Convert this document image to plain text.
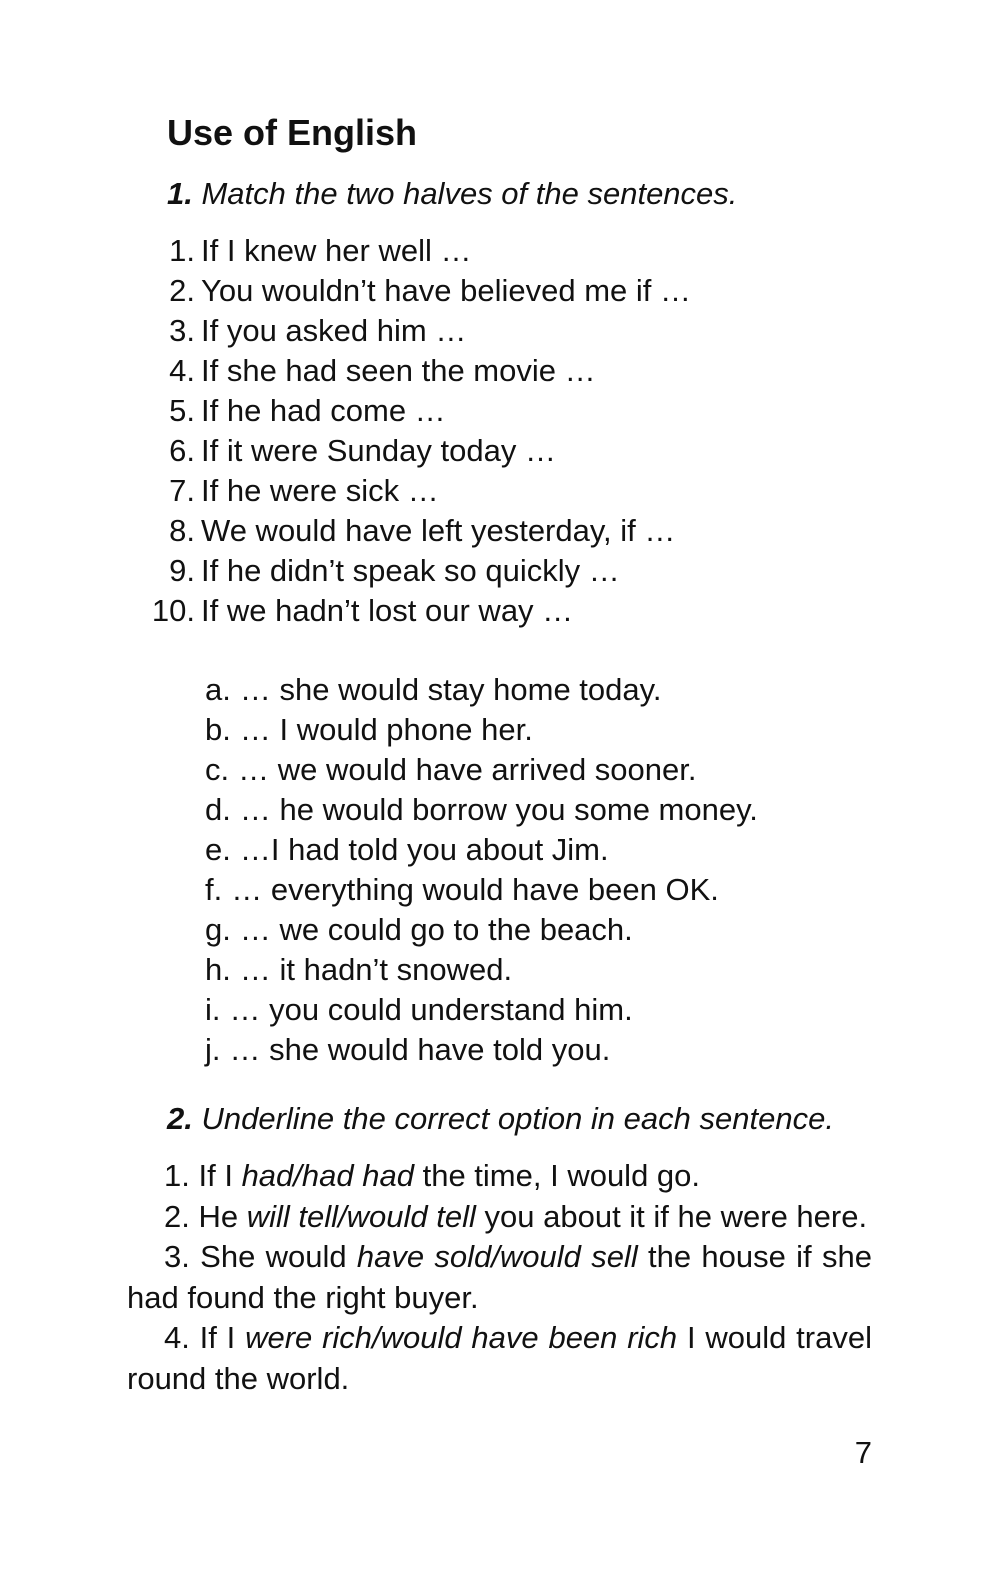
Use of English

1. Match the two halves of the sentences.

1. If I knew her well …
2. You wouldn’t have believed me if …
3. If you asked him …
4. If she had seen the movie …
5. If he had come …
6. If it were Sunday today …
7. If he were sick …
8. We would have left yesterday, if …
9. If he didn’t speak so quickly …
10. If we hadn’t lost our way …
a. … she would stay home today.
b. … I would phone her.
c. … we would have arrived sooner.
d. … he would borrow you some money.
e. …I had told you about Jim.
f. … everything would have been OK.
g. … we could go to the beach.
h. … it hadn’t snowed.
i. … you could understand him.
j. … she would have told you.

2. Underline the correct option in each sentence.

1. If I had/had had the time, I would go.
2. He will tell/would tell you about it if he were here.
3. She would have sold/would sell the house if she had found the right buyer.
4. If I were rich/would have been rich I would travel round the world.
7
